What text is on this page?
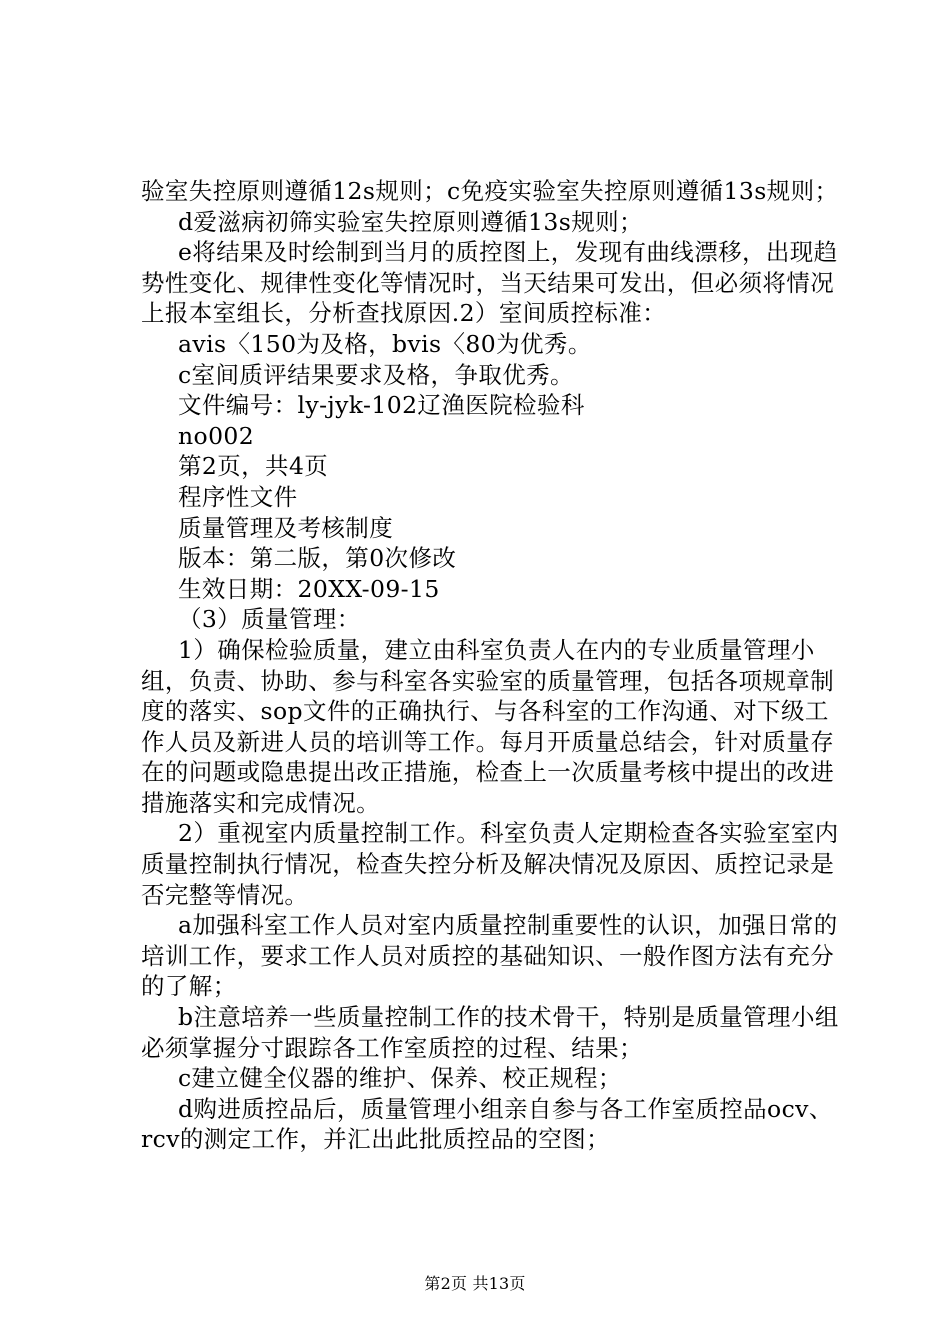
验室失控原则遵循12s规则；c免疫实验室失控原则遵循13s规则；

d爱滋病初筛实验室失控原则遵循13s规则；

e将结果及时绘制到当月的质控图上，发现有曲线漂移，出现趋势性变化、规律性变化等情况时，当天结果可发出，但必须将情况上报本室组长，分析查找原因.2）室间质控标准：

avis〈150为及格，bvis〈80为优秀。

c室间质评结果要求及格，争取优秀。

文件编号：ly-jyk-102辽渔医院检验科

no002

第2页，共4页

程序性文件

质量管理及考核制度

版本：第二版，第0次修改

生效日期：20XX-09-15

（3）质量管理：

1）确保检验质量，建立由科室负责人在内的专业质量管理小组，负责、协助、参与科室各实验室的质量管理，包括各项规章制度的落实、sop文件的正确执行、与各科室的工作沟通、对下级工作人员及新进人员的培训等工作。每月开质量总结会，针对质量存在的问题或隐患提出改正措施，检查上一次质量考核中提出的改进措施落实和完成情况。

2）重视室内质量控制工作。科室负责人定期检查各实验室室内质量控制执行情况，检查失控分析及解决情况及原因、质控记录是否完整等情况。

a加强科室工作人员对室内质量控制重要性的认识，加强日常的培训工作，要求工作人员对质控的基础知识、一般作图方法有充分的了解；

b注意培养一些质量控制工作的技术骨干，特别是质量管理小组必须掌握分寸跟踪各工作室质控的过程、结果；

c建立健全仪器的维护、保养、校正规程；

d购进质控品后，质量管理小组亲自参与各工作室质控品ocv、rcv的测定工作，并汇出此批质控品的空图；

第2页 共13页
